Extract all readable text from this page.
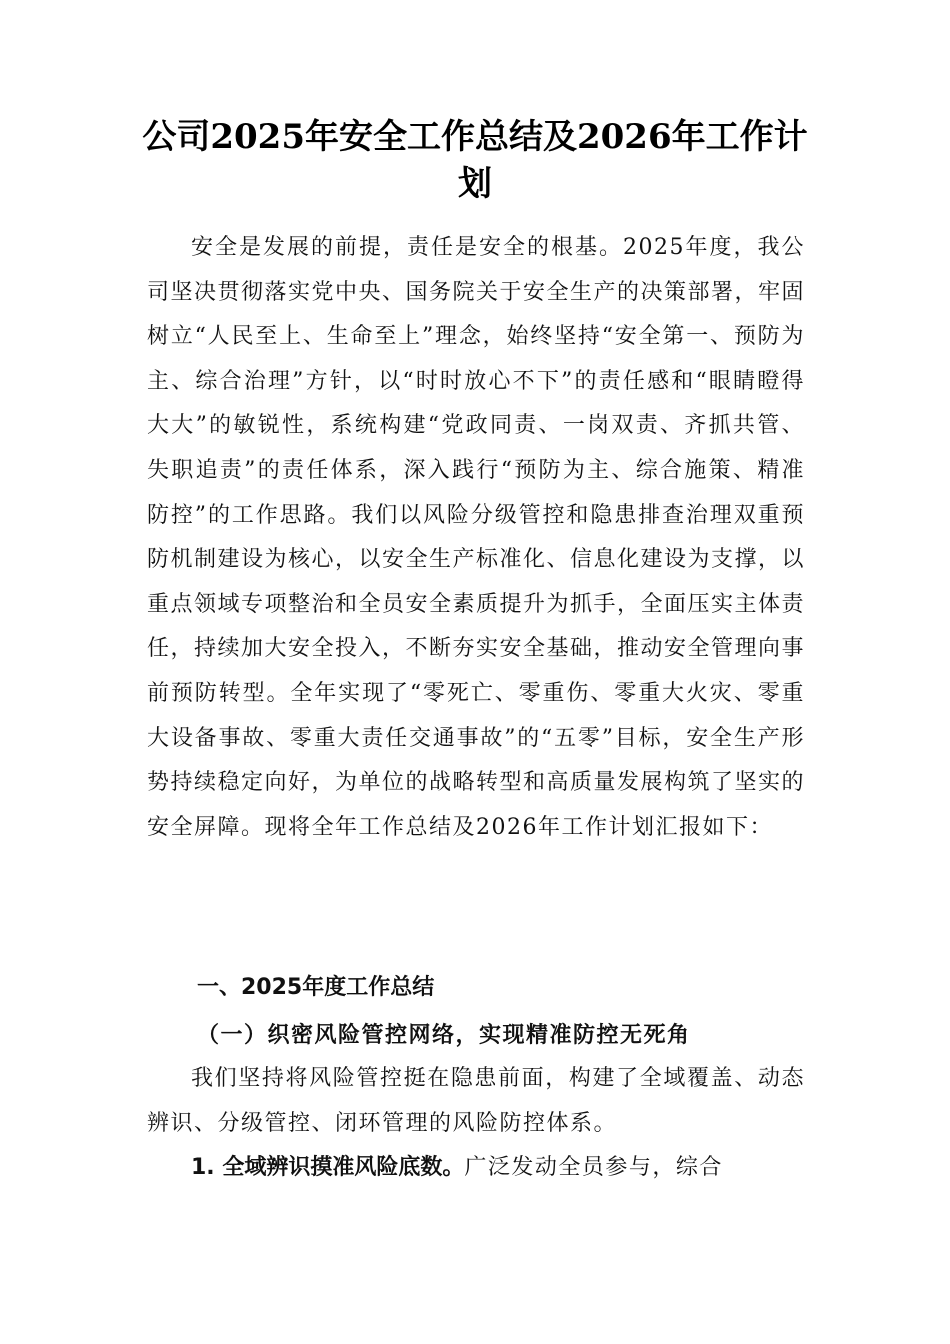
公司2025年安全工作总结及2026年工作计划

安全是发展的前提，责任是安全的根基。2025年度，我公司坚决贯彻落实党中央、国务院关于安全生产的决策部署，牢固树立“人民至上、生命至上”理念，始终坚持“安全第一、预防为主、综合治理”方针，以“时时放心不下”的责任感和“眼睛瞪得大大”的敏锐性，系统构建“党政同责、一岗双责、齐抓共管、失职追责”的责任体系，深入践行“预防为主、综合施策、精准防控”的工作思路。我们以风险分级管控和隐患排查治理双重预防机制建设为核心，以安全生产标准化、信息化建设为支撑，以重点领域专项整治和全员安全素质提升为抓手，全面压实主体责任，持续加大安全投入，不断夯实安全基础，推动安全管理向事前预防转型。全年实现了“零死亡、零重伤、零重大火灾、零重大设备事故、零重大责任交通事故”的“五零”目标，安全生产形势持续稳定向好，为单位的战略转型和高质量发展构筑了坚实的安全屏障。现将全年工作总结及2026年工作计划汇报如下：

一、2025年度工作总结
（一）织密风险管控网络，实现精准防控无死角

我们坚持将风险管控挺在隐患前面，构建了全域覆盖、动态辨识、分级管控、闭环管理的风险防控体系。

1. 全域辨识摸准风险底数。广泛发动全员参与，综合
